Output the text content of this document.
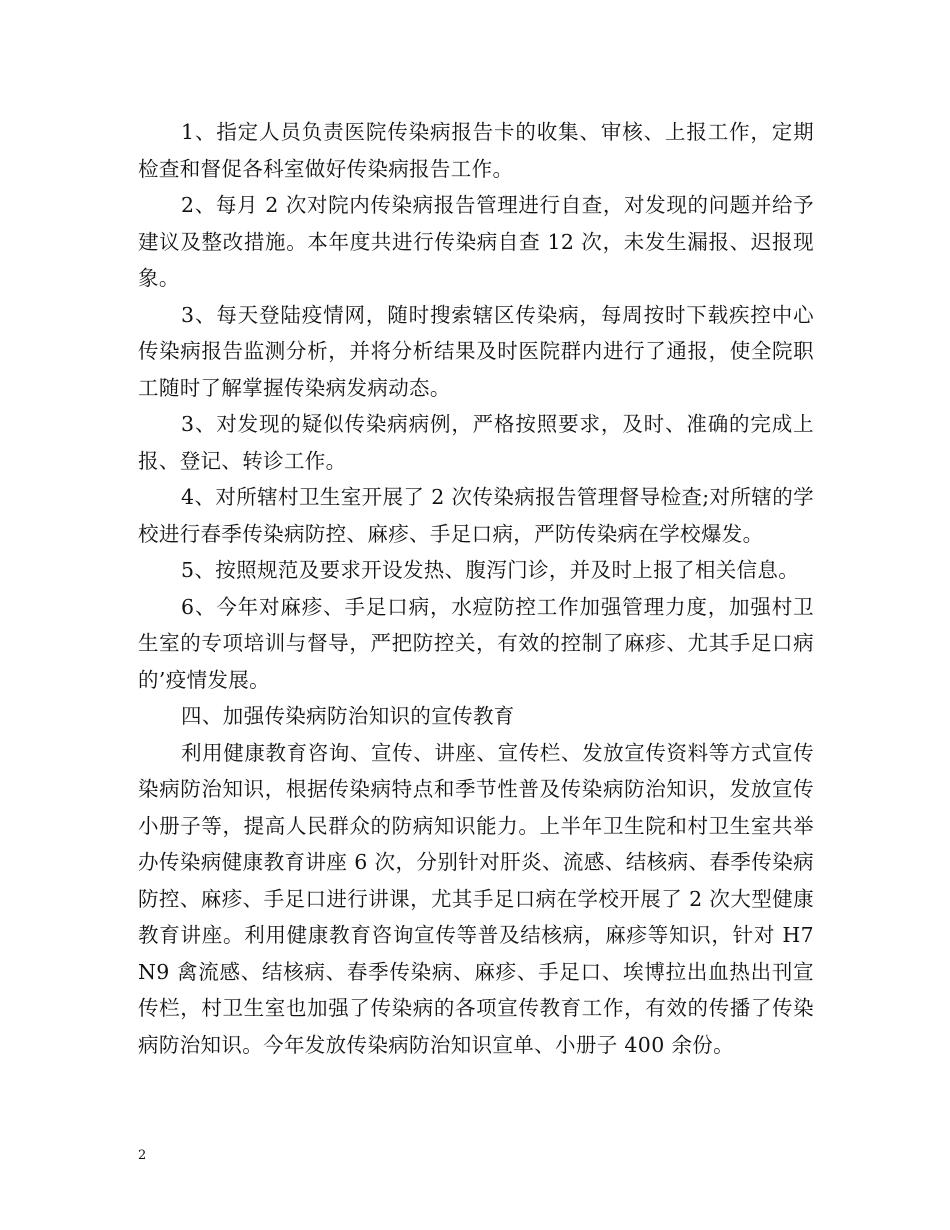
1、指定人员负责医院传染病报告卡的收集、审核、上报工作，定期检查和督促各科室做好传染病报告工作。

2、每月 2 次对院内传染病报告管理进行自查，对发现的问题并给予建议及整改措施。本年度共进行传染病自查 12 次，未发生漏报、迟报现象。

3、每天登陆疫情网，随时搜索辖区传染病，每周按时下载疾控中心传染病报告监测分析，并将分析结果及时医院群内进行了通报，使全院职工随时了解掌握传染病发病动态。

3、对发现的疑似传染病病例，严格按照要求，及时、准确的完成上报、登记、转诊工作。

4、对所辖村卫生室开展了 2 次传染病报告管理督导检查;对所辖的学校进行春季传染病防控、麻疹、手足口病，严防传染病在学校爆发。

5、按照规范及要求开设发热、腹泻门诊，并及时上报了相关信息。

6、今年对麻疹、手足口病，水痘防控工作加强管理力度，加强村卫生室的专项培训与督导，严把防控关，有效的控制了麻疹、尤其手足口病的’疫情发展。

四、加强传染病防治知识的宣传教育

利用健康教育咨询、宣传、讲座、宣传栏、发放宣传资料等方式宣传染病防治知识，根据传染病特点和季节性普及传染病防治知识，发放宣传小册子等，提高人民群众的防病知识能力。上半年卫生院和村卫生室共举办传染病健康教育讲座 6 次，分别针对肝炎、流感、结核病、春季传染病防控、麻疹、手足口进行讲课，尤其手足口病在学校开展了 2 次大型健康教育讲座。利用健康教育咨询宣传等普及结核病，麻疹等知识，针对 H7N9 禽流感、结核病、春季传染病、麻疹、手足口、埃博拉出血热出刊宣传栏，村卫生室也加强了传染病的各项宣传教育工作，有效的传播了传染病防治知识。今年发放传染病防治知识宣单、小册子 400 余份。

2
